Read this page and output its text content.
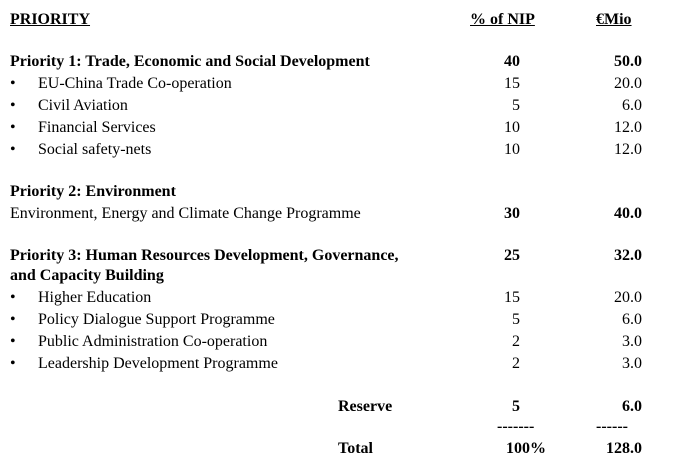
PRIORITY	% of NIP	€Mio
Priority 1: Trade, Economic and Social Development	40	50.0
•
EU-China Trade Co-operation	15	20.0
•
Civil Aviation	5	6.0
•
Financial Services	10	12.0
•
Social safety-nets	10	12.0
Priority 2: Environment
Environment, Energy and Climate Change Programme	30	40.0
Priority 3: Human Resources Development, Governance,	25	32.0
and Capacity Building
•
Higher Education	15	20.0
•
Policy Dialogue Support Programme	5	6.0
•
Public Administration Co-operation	2	3.0
•
Leadership Development Programme	2	3.0
Reserve	5	6.0
-------	------
Total	100%	128.0
